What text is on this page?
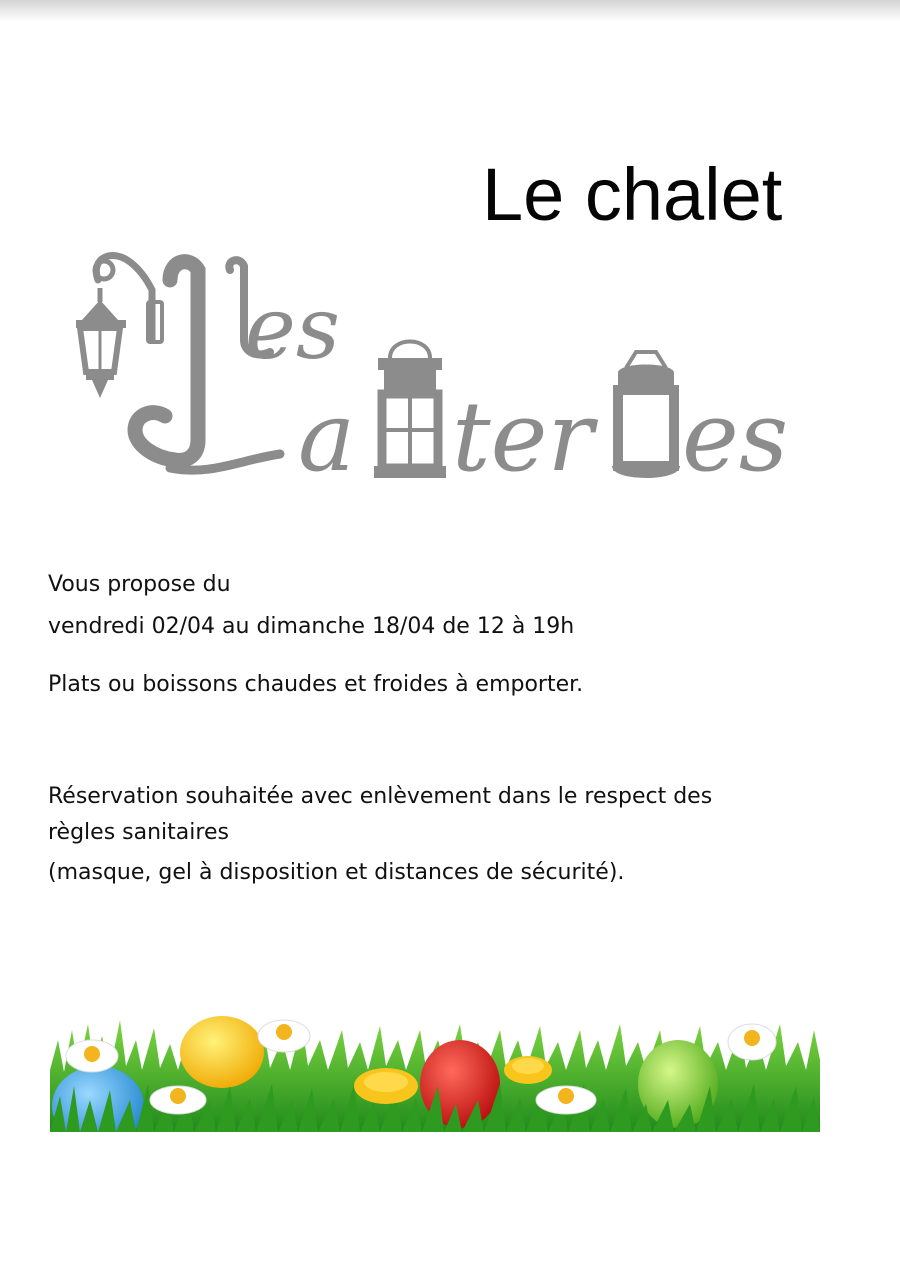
Le chalet
es
a ter es
Vous propose du
vendredi 02/04 au dimanche 18/04 de 12 à 19h
Plats ou boissons chaudes et froides à emporter.
Réservation souhaitée avec enlèvement dans le respect des
règles sanitaires
(masque, gel à disposition et distances de sécurité).
